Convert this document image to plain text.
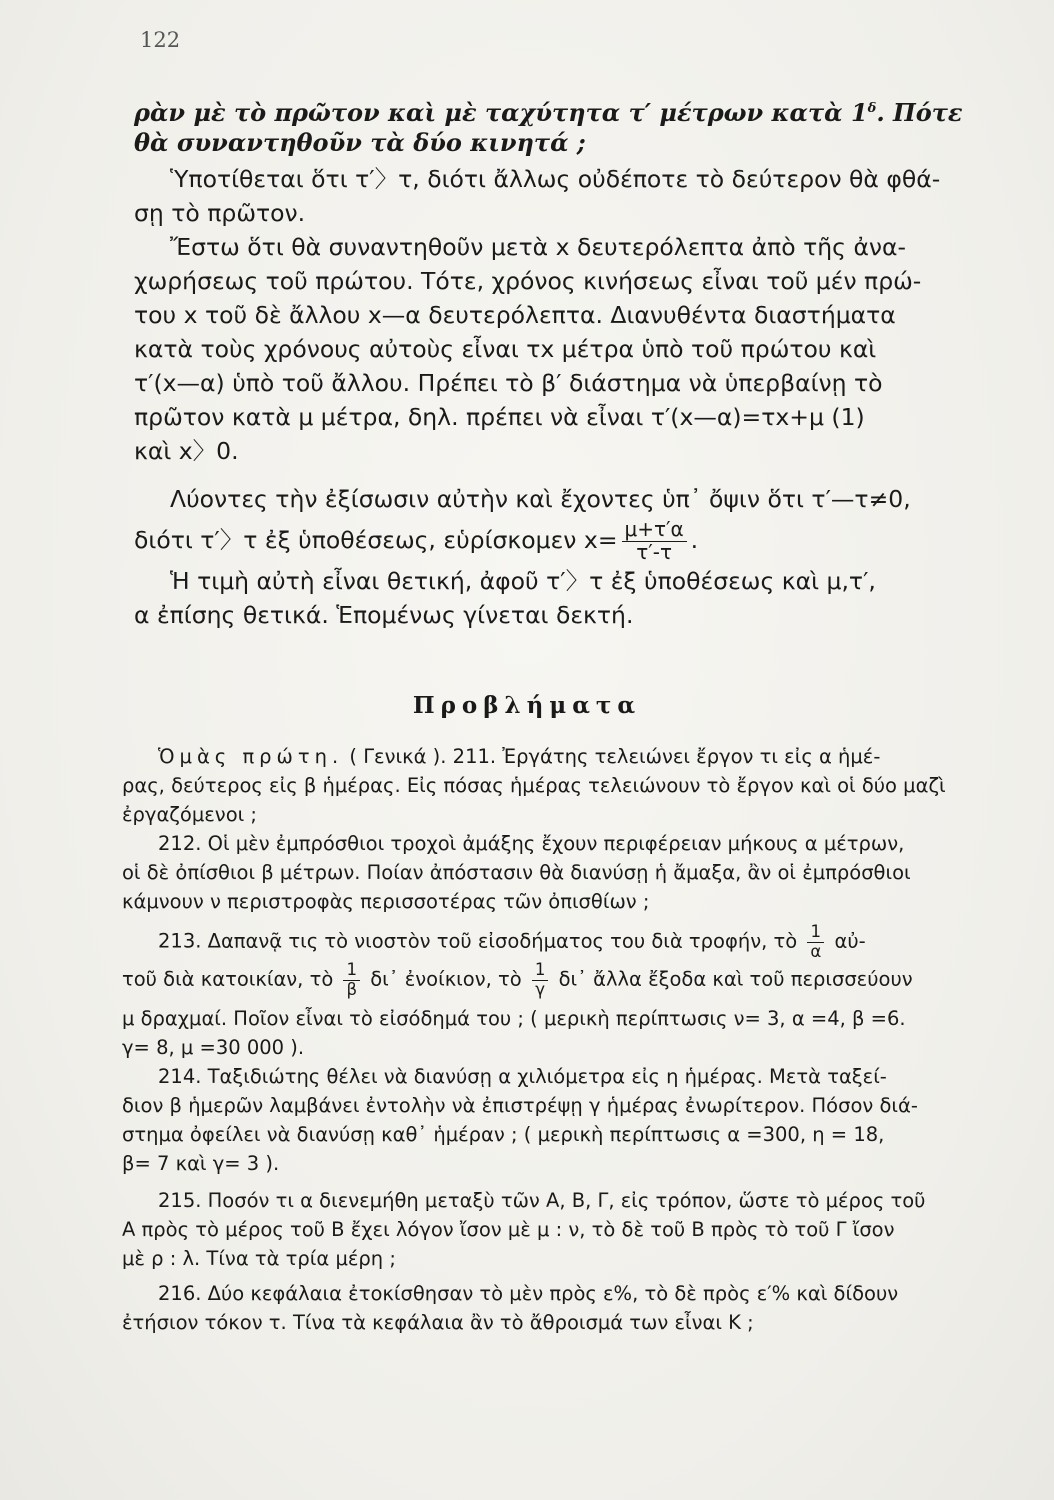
122
ρὰν μὲ τὸ πρῶτον καὶ μὲ ταχύτητα τ′ μέτρων κατὰ $1^\delta$. Πότε
θὰ συναντηθοῦν τὰ δύο κινητά ;
Ὑποτίθεται ὅτι τ′〉τ, διότι ἄλλως οὐδέποτε τὸ δεύτερον θὰ φθά-
σῃ τὸ πρῶτον.
Ἔστω ὅτι θὰ συναντηθοῦν μετὰ x δευτερόλεπτα ἀπὸ τῆς ἀνα-
χωρήσεως τοῦ πρώτου. Τότε, χρόνος κινήσεως εἶναι τοῦ μέν πρώ-
του x τοῦ δὲ ἄλλου x—α δευτερόλεπτα. Διανυθέντα διαστήματα
κατὰ τοὺς χρόνους αὐτοὺς εἶναι τx μέτρα ὑπὸ τοῦ πρώτου καὶ
τ′(x—α) ὑπὸ τοῦ ἄλλου. Πρέπει τὸ β′ διάστημα νὰ ὑπερβαίνῃ τὸ
πρῶτον κατὰ μ μέτρα, δηλ. πρέπει νὰ εἶναι τ′(x—α)=τx+μ (1)
καὶ x〉0.
Λύοντες τὴν ἐξίσωσιν αὐτὴν καὶ ἔχοντες ὑπ᾽ ὄψιν ὅτι τ′—τ≠0,
διότι τ′〉τ ἐξ ὑποθέσεως, εὑρίσκομεν $x= \frac{\mu+\tau'\alpha}{\tau'-\tau}$ .
Ἡ τιμὴ αὐτὴ εἶναι θετική, ἀφοῦ τ′〉τ ἐξ ὑποθέσεως καὶ μ,τ′,
α ἐπίσης θετικά. Ἑπομένως γίνεται δεκτή.
Προβλήματα
Ὁμὰς πρώτη. ( Γενικά ). 211. Ἐργάτης τελειώνει ἔργον τι εἰς α ἡμέ-
ρας, δεύτερος εἰς β ἡμέρας. Εἰς πόσας ἡμέρας τελειώνουν τὸ ἔργον καὶ οἱ δύο μαζὶ
ἐργαζόμενοι ;
212. Οἱ μὲν ἐμπρόσθιοι τροχοὶ ἀμάξης ἔχουν περιφέρειαν μήκους α μέτρων,
οἱ δὲ ὀπίσθιοι β μέτρων. Ποίαν ἀπόστασιν θὰ διανύσῃ ἡ ἄμαξα, ἂν οἱ ἐμπρόσθιοι
κάμνουν ν περιστροφὰς περισσοτέρας τῶν ὀπισθίων ;
213. Δαπανᾷ τις τὸ νιοστὸν τοῦ εἰσοδήματος του διὰ τροφήν, τὸ $\frac{1}{\alpha}$ αὐ-
τοῦ διὰ κατοικίαν, τὸ $\frac{1}{\beta}$ δι᾽ ἐνοίκιον, τὸ $\frac{1}{\gamma}$ δι᾽ ἄλλα ἔξοδα καὶ τοῦ περισσεύουν
μ δραχμαί. Ποῖον εἶναι τὸ εἰσόδημά του ; ( μερικὴ περίπτωσις ν= 3, α =4, β =6.
γ= 8, μ =30 000 ).
214. Ταξιδιώτης θέλει νὰ διανύσῃ α χιλιόμετρα εἰς η ἡμέρας. Μετὰ ταξεί-
διον β ἡμερῶν λαμβάνει ἐντολὴν νὰ ἐπιστρέψῃ γ ἡμέρας ἐνωρίτερον. Πόσον διά-
στημα ὀφείλει νὰ διανύσῃ καθ᾽ ἡμέραν ; ( μερικὴ περίπτωσις α =300, η = 18,
β= 7 καὶ γ= 3 ).
215. Ποσόν τι α διενεμήθη μεταξὺ τῶν Α, Β, Γ, εἰς τρόπον, ὥστε τὸ μέρος τοῦ
Α πρὸς τὸ μέρος τοῦ Β ἔχει λόγον ἴσον μὲ μ : ν, τὸ δὲ τοῦ Β πρὸς τὸ τοῦ Γ ἴσον
μὲ ρ : λ. Τίνα τὰ τρία μέρη ;
216. Δύο κεφάλαια ἐτοκίσθησαν τὸ μὲν πρὸς ε%, τὸ δὲ πρὸς ε′% καὶ δίδουν
ἐτήσιον τόκον τ. Τίνα τὰ κεφάλαια ἂν τὸ ἄθροισμά των εἶναι Κ ;
